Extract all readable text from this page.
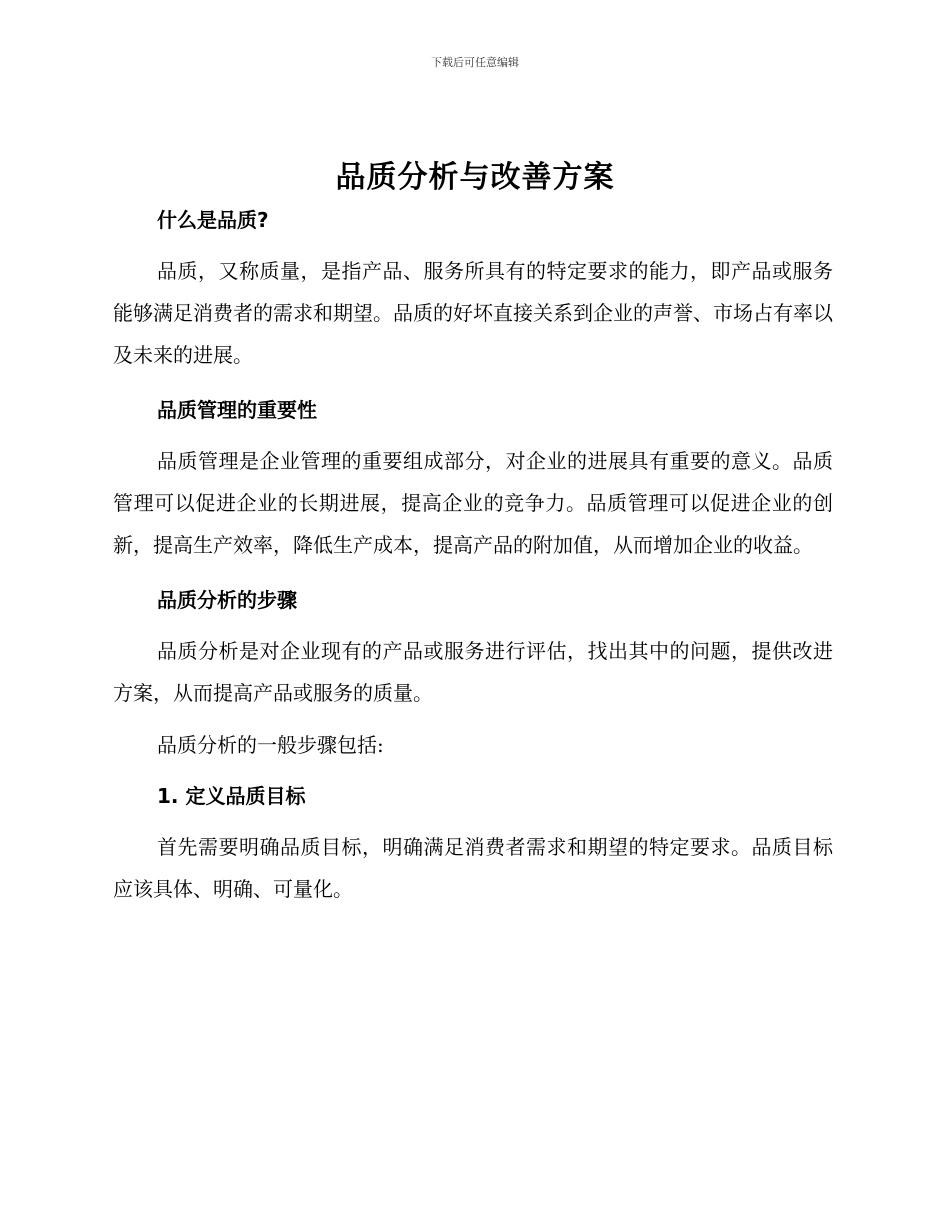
下载后可任意编辑
品质分析与改善方案
什么是品质?

品质，又称质量，是指产品、服务所具有的特定要求的能力，即产品或服务能够满足消费者的需求和期望。品质的好坏直接关系到企业的声誉、市场占有率以及未来的进展。

品质管理的重要性

品质管理是企业管理的重要组成部分，对企业的进展具有重要的意义。品质管理可以促进企业的长期进展，提高企业的竞争力。品质管理可以促进企业的创新，提高生产效率，降低生产成本，提高产品的附加值，从而增加企业的收益。

品质分析的步骤

品质分析是对企业现有的产品或服务进行评估，找出其中的问题，提供改进方案，从而提高产品或服务的质量。

品质分析的一般步骤包括:

1. 定义品质目标

首先需要明确品质目标，明确满足消费者需求和期望的特定要求。品质目标应该具体、明确、可量化。
